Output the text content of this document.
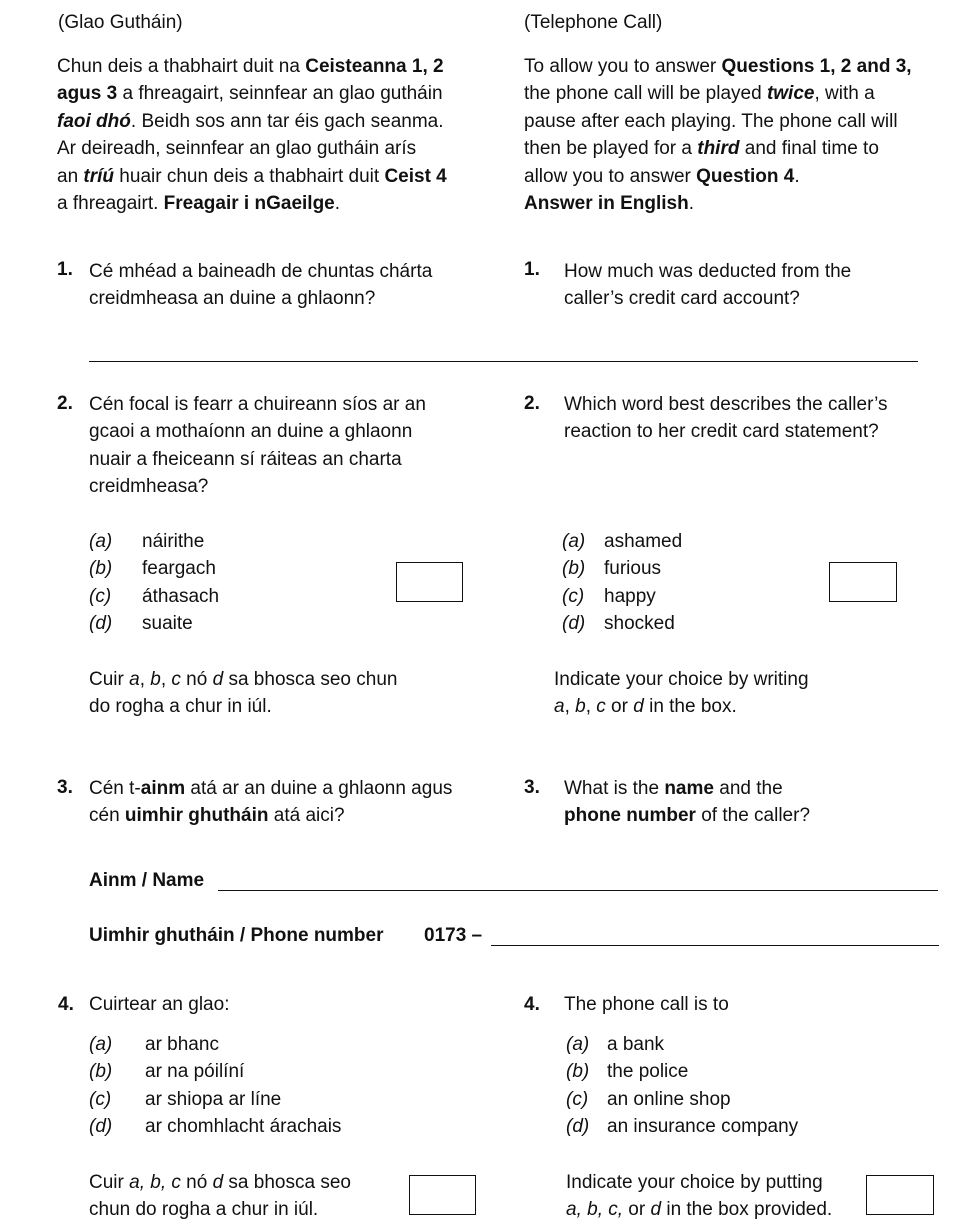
(Glao Gutháin)	(Telephone Call)
Chun deis a thabhairt duit na Ceisteanna 1, 2
agus 3 a fhreagairt, seinnfear an glao gutháin
faoi dhó. Beidh sos ann tar éis gach seanma.
Ar deireadh, seinnfear an glao gutháin arís
an tríú huair chun deis a thabhairt duit Ceist 4
a fhreagairt. Freagair i nGaeilge.
To allow you to answer Questions 1, 2 and 3,
the phone call will be played twice, with a
pause after each playing. The phone call will
then be played for a third and final time to
allow you to answer Question 4.
Answer in English.
1. Cé mhéad a baineadh de chuntas chárta
creidmheasa an duine a ghlaonn?
1. How much was deducted from the
caller’s credit card account?
2. Cén focal is fearr a chuireann síos ar an
gcaoi a mothaíonn an duine a ghlaonn
nuair a fheiceann sí ráiteas an charta
creidmheasa?
2. Which word best describes the caller’s
reaction to her credit card statement?
(a) náirithe
(b) feargach
(c) áthasach
(d) suaite
(a) ashamed
(b) furious
(c) happy
(d) shocked
Cuir a, b, c nó d sa bhosca seo chun
do rogha a chur in iúl.
Indicate your choice by writing
a, b, c or d in the box.
3. Cén t-ainm atá ar an duine a ghlaonn agus
cén uimhir ghutháin atá aici?
3. What is the name and the
phone number of the caller?
Ainm / Name
Uimhir ghutháin / Phone number 0173 –
4. Cuirtear an glao:	4. The phone call is to
(a) ar bhanc
(b) ar na póilíní
(c) ar shiopa ar líne
(d) ar chomhlacht árachais
(a) a bank
(b) the police
(c) an online shop
(d) an insurance company
Cuir a, b, c nó d sa bhosca seo
chun do rogha a chur in iúl.
Indicate your choice by putting
a, b, c, or d in the box provided.
